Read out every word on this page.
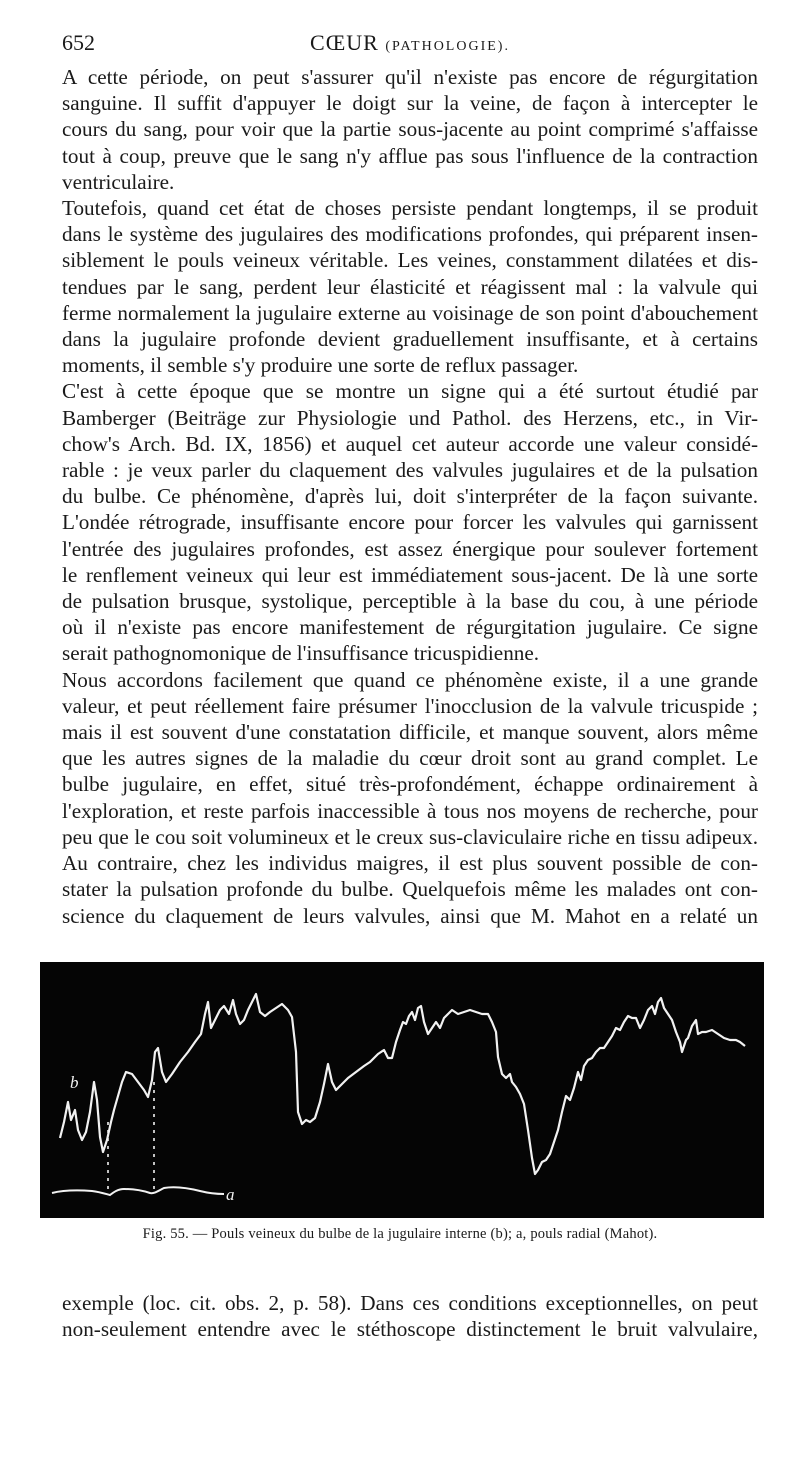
652	CŒUR (PATHOLOGIE).

A cette période, on peut s'assurer qu'il n'existe pas encore de régurgitation
sanguine. Il suffit d'appuyer le doigt sur la veine, de façon à intercepter le
cours du sang, pour voir que la partie sous-jacente au point comprimé s'affaisse
tout à coup, preuve que le sang n'y afflue pas sous l'influence de la contraction
ventriculaire.

Toutefois, quand cet état de choses persiste pendant longtemps, il se produit
dans le système des jugulaires des modifications profondes, qui préparent insen-
siblement le pouls veineux véritable. Les veines, constamment dilatées et dis-
tendues par le sang, perdent leur élasticité et réagissent mal : la valvule qui
ferme normalement la jugulaire externe au voisinage de son point d'abouchement
dans la jugulaire profonde devient graduellement insuffisante, et à certains
moments, il semble s'y produire une sorte de reflux passager.

C'est à cette époque que se montre un signe qui a été surtout étudié par
Bamberger (Beiträge zur Physiologie und Pathol. des Herzens, etc., in Vir-
chow's Arch. Bd. IX, 1856) et auquel cet auteur accorde une valeur considé-
rable : je veux parler du claquement des valvules jugulaires et de la pulsation
du bulbe. Ce phénomène, d'après lui, doit s'interpréter de la façon suivante.
L'ondée rétrograde, insuffisante encore pour forcer les valvules qui garnissent
l'entrée des jugulaires profondes, est assez énergique pour soulever fortement
le renflement veineux qui leur est immédiatement sous-jacent. De là une sorte
de pulsation brusque, systolique, perceptible à la base du cou, à une période
où il n'existe pas encore manifestement de régurgitation jugulaire. Ce signe
serait pathognomonique de l'insuffisance tricuspidienne.

Nous accordons facilement que quand ce phénomène existe, il a une grande
valeur, et peut réellement faire présumer l'inocclusion de la valvule tricuspide ;
mais il est souvent d'une constatation difficile, et manque souvent, alors même
que les autres signes de la maladie du cœur droit sont au grand complet. Le
bulbe jugulaire, en effet, situé très-profondément, échappe ordinairement à
l'exploration, et reste parfois inaccessible à tous nos moyens de recherche, pour
peu que le cou soit volumineux et le creux sus-claviculaire riche en tissu adipeux.
Au contraire, chez les individus maigres, il est plus souvent possible de con-
stater la pulsation profonde du bulbe. Quelquefois même les malades ont con-
science du claquement de leurs valvules, ainsi que M. Mahot en a relaté un

b
a
Fig. 55. — Pouls veineux du bulbe de la jugulaire interne (b); a, pouls radial (Mahot).

exemple (loc. cit. obs. 2, p. 58). Dans ces conditions exceptionnelles, on peut
non-seulement entendre avec le stéthoscope distinctement le bruit valvulaire,
